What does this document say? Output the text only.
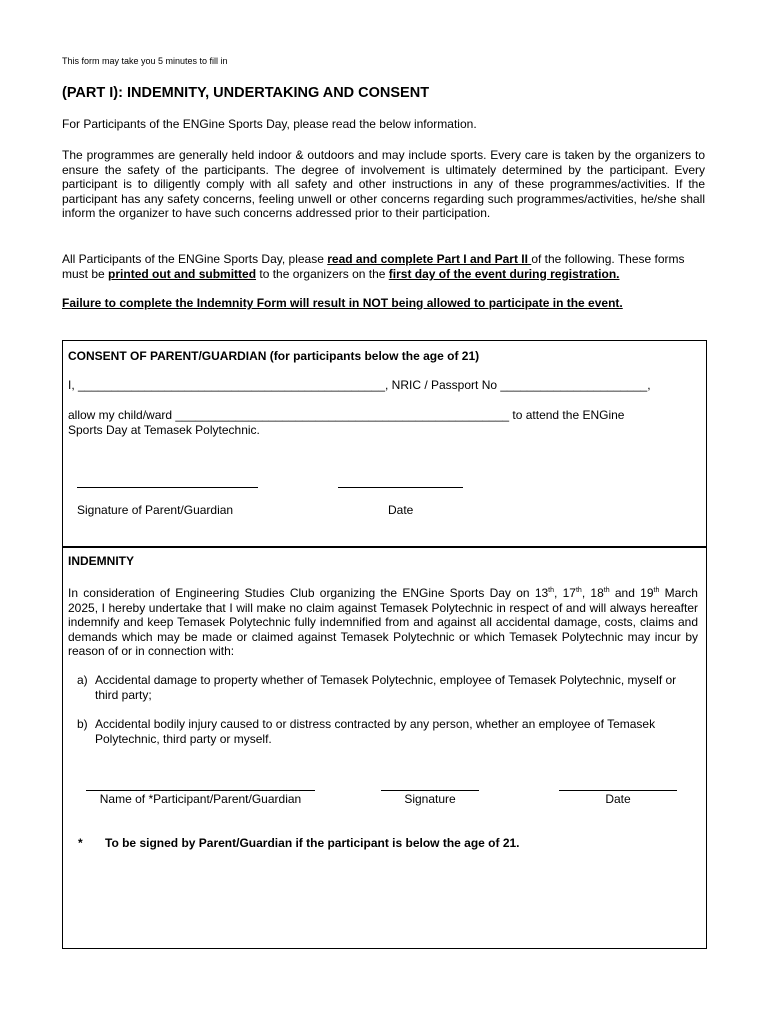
This form may take you 5 minutes to fill in
(PART I): INDEMNITY, UNDERTAKING AND CONSENT
For Participants of the ENGine Sports Day, please read the below information.
The programmes are generally held indoor & outdoors and may include sports. Every care is taken by the organizers to ensure the safety of the participants. The degree of involvement is ultimately determined by the participant. Every participant is to diligently comply with all safety and other instructions in any of these programmes/activities. If the participant has any safety concerns, feeling unwell or other concerns regarding such programmes/activities, he/she shall inform the organizer to have such concerns addressed prior to their participation.
All Participants of the ENGine Sports Day, please read and complete Part I and Part II of the following. These forms must be printed out and submitted to the organizers on the first day of the event during registration.
Failure to complete the Indemnity Form will result in NOT being allowed to participate in the event.
CONSENT OF PARENT/GUARDIAN (for participants below the age of 21)
I, ______________________________________________, NRIC / Passport No ______________________,
allow my child/ward __________________________________________________ to attend the ENGine
Sports Day at Temasek Polytechnic.
Signature of Parent/Guardian	Date
INDEMNITY
In consideration of Engineering Studies Club organizing the ENGine Sports Day on 13th, 17th, 18th and 19th March 2025, I hereby undertake that I will make no claim against Temasek Polytechnic in respect of and will always hereafter indemnify and keep Temasek Polytechnic fully indemnified from and against all accidental damage, costs, claims and demands which may be made or claimed against Temasek Polytechnic or which Temasek Polytechnic may incur by reason of or in connection with:
a) Accidental damage to property whether of Temasek Polytechnic, employee of Temasek Polytechnic, myself or third party;
b) Accidental bodily injury caused to or distress contracted by any person, whether an employee of Temasek Polytechnic, third party or myself.
Name of *Participant/Parent/Guardian	Signature	Date
* To be signed by Parent/Guardian if the participant is below the age of 21.
